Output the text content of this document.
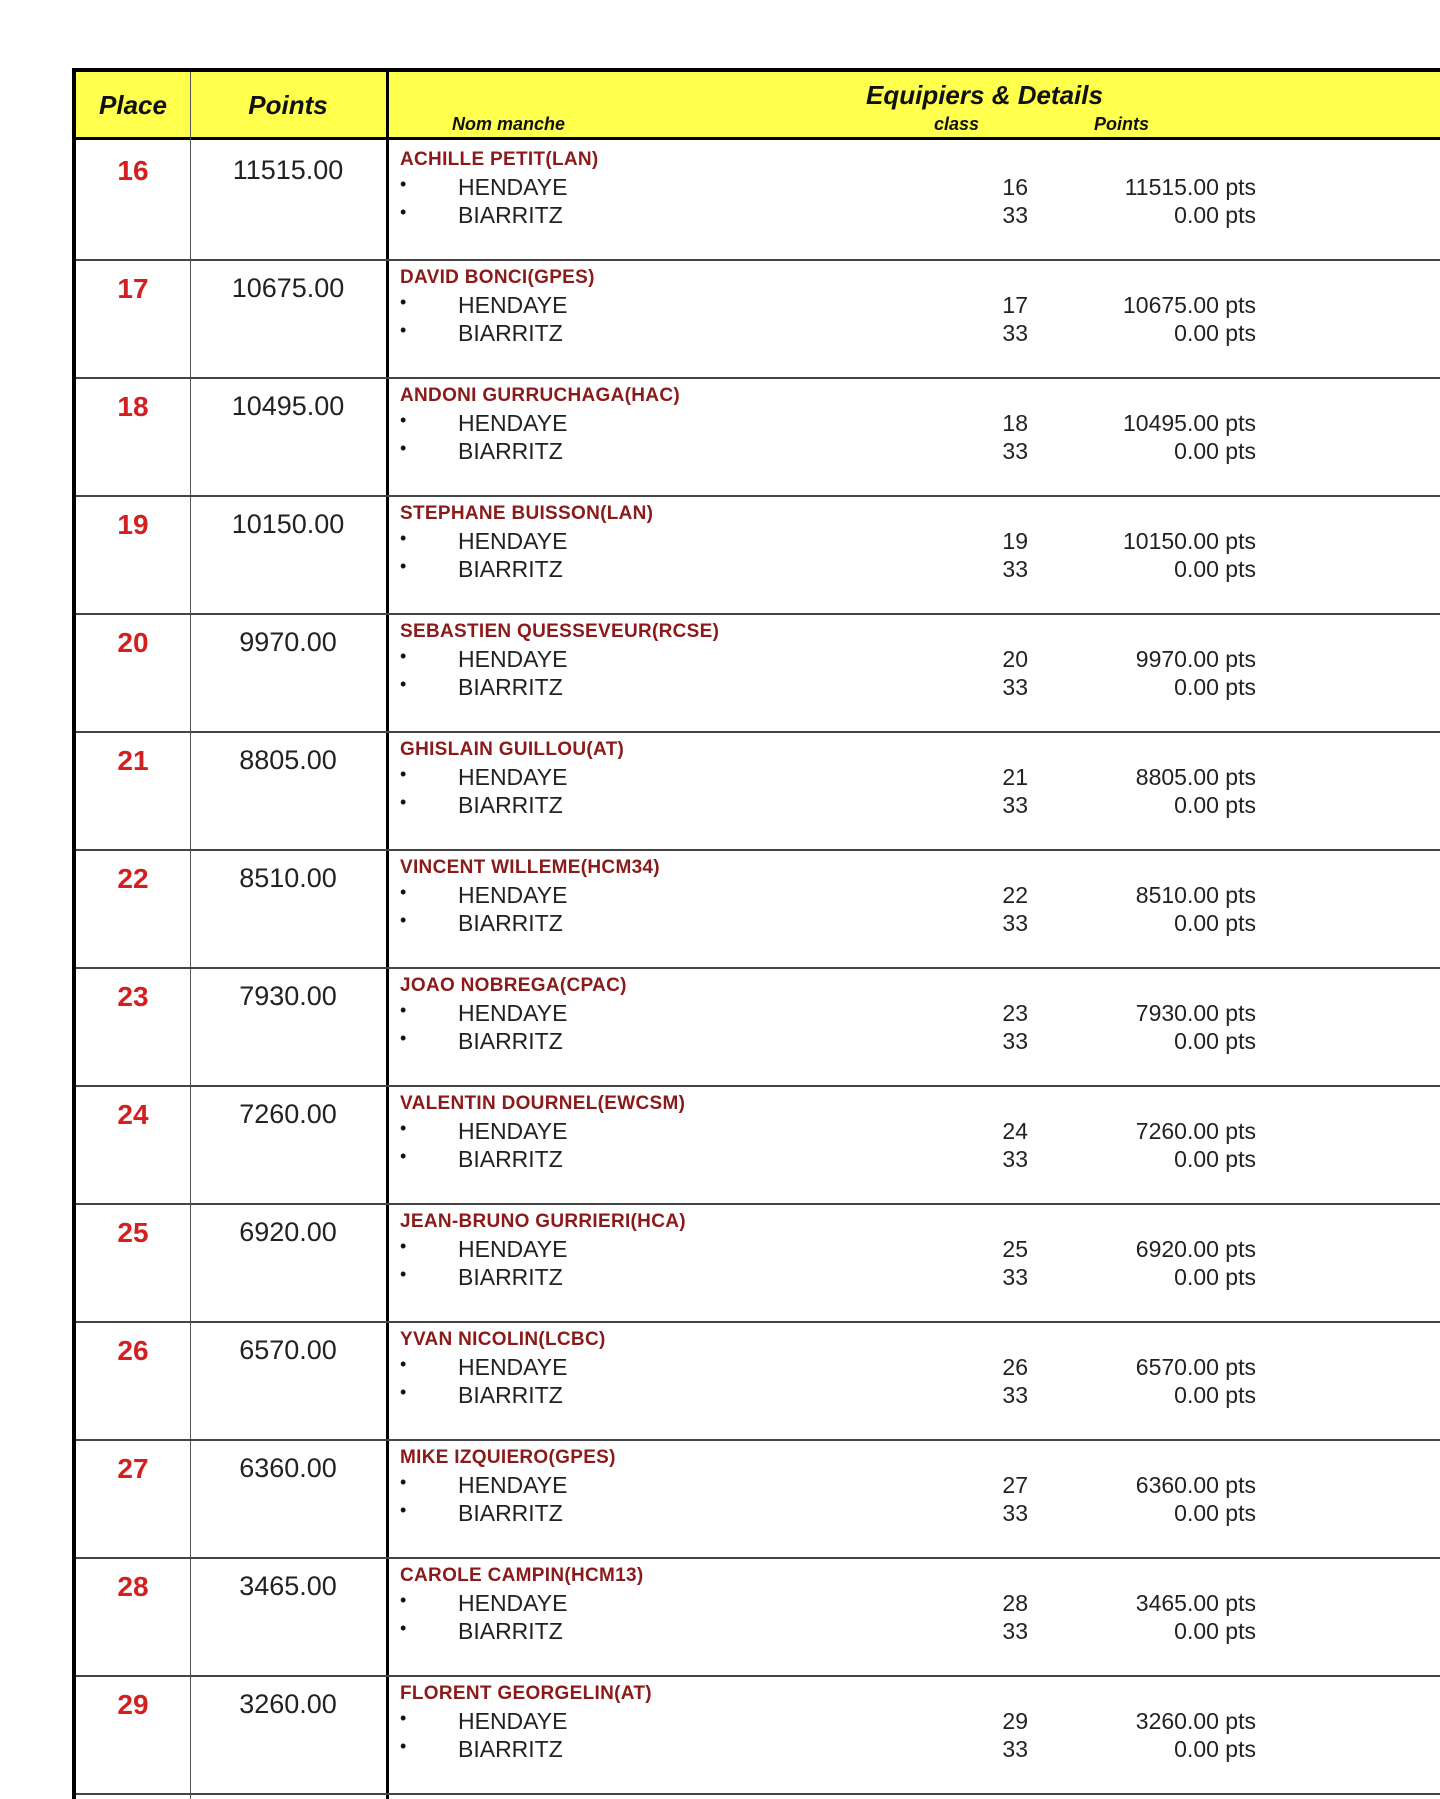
Place	Points	Equipiers & Details
Nom manche	class	Points
16	11515.00	ACHILLE PETIT(LAN)
• HENDAYE	16	11515.00 pts
• BIARRITZ	33	0.00 pts
17	10675.00	DAVID BONCI(GPES)
• HENDAYE	17	10675.00 pts
• BIARRITZ	33	0.00 pts
18	10495.00	ANDONI GURRUCHAGA(HAC)
• HENDAYE	18	10495.00 pts
• BIARRITZ	33	0.00 pts
19	10150.00	STEPHANE BUISSON(LAN)
• HENDAYE	19	10150.00 pts
• BIARRITZ	33	0.00 pts
20	9970.00	SEBASTIEN QUESSEVEUR(RCSE)
• HENDAYE	20	9970.00 pts
• BIARRITZ	33	0.00 pts
21	8805.00	GHISLAIN GUILLOU(AT)
• HENDAYE	21	8805.00 pts
• BIARRITZ	33	0.00 pts
22	8510.00	VINCENT WILLEME(HCM34)
• HENDAYE	22	8510.00 pts
• BIARRITZ	33	0.00 pts
23	7930.00	JOAO NOBREGA(CPAC)
• HENDAYE	23	7930.00 pts
• BIARRITZ	33	0.00 pts
24	7260.00	VALENTIN DOURNEL(EWCSM)
• HENDAYE	24	7260.00 pts
• BIARRITZ	33	0.00 pts
25	6920.00	JEAN-BRUNO GURRIERI(HCA)
• HENDAYE	25	6920.00 pts
• BIARRITZ	33	0.00 pts
26	6570.00	YVAN NICOLIN(LCBC)
• HENDAYE	26	6570.00 pts
• BIARRITZ	33	0.00 pts
27	6360.00	MIKE IZQUIERO(GPES)
• HENDAYE	27	6360.00 pts
• BIARRITZ	33	0.00 pts
28	3465.00	CAROLE CAMPIN(HCM13)
• HENDAYE	28	3465.00 pts
• BIARRITZ	33	0.00 pts
29	3260.00	FLORENT GEORGELIN(AT)
• HENDAYE	29	3260.00 pts
• BIARRITZ	33	0.00 pts
